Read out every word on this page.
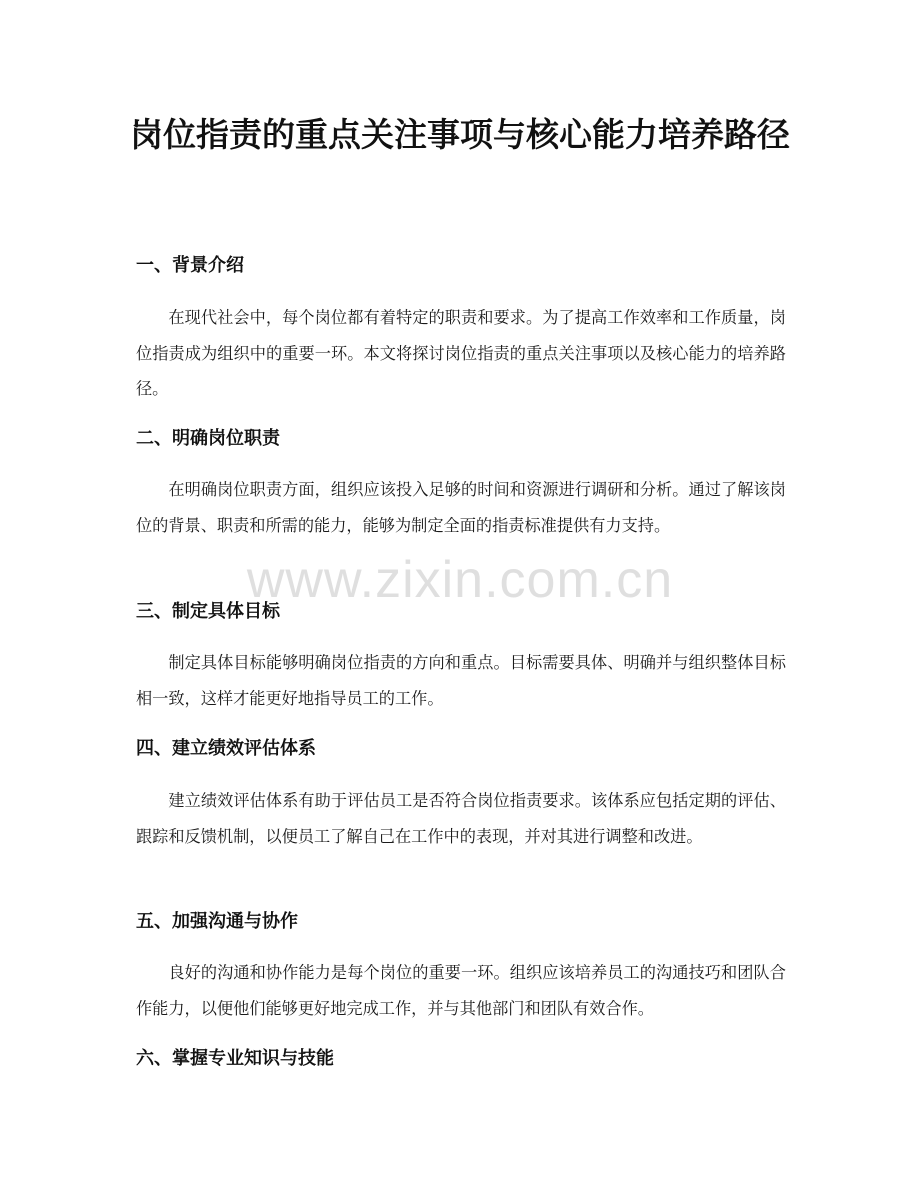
岗位指责的重点关注事项与核心能力培养路径
一、背景介绍

在现代社会中，每个岗位都有着特定的职责和要求。为了提高工作效率和工作质量，岗位指责成为组织中的重要一环。本文将探讨岗位指责的重点关注事项以及核心能力的培养路径。

二、明确岗位职责

在明确岗位职责方面，组织应该投入足够的时间和资源进行调研和分析。通过了解该岗位的背景、职责和所需的能力，能够为制定全面的指责标准提供有力支持。

三、制定具体目标

制定具体目标能够明确岗位指责的方向和重点。目标需要具体、明确并与组织整体目标相一致，这样才能更好地指导员工的工作。

四、建立绩效评估体系

建立绩效评估体系有助于评估员工是否符合岗位指责要求。该体系应包括定期的评估、跟踪和反馈机制，以便员工了解自己在工作中的表现，并对其进行调整和改进。

五、加强沟通与协作

良好的沟通和协作能力是每个岗位的重要一环。组织应该培养员工的沟通技巧和团队合作能力，以便他们能够更好地完成工作，并与其他部门和团队有效合作。

六、掌握专业知识与技能
www.zixin.com.cn
